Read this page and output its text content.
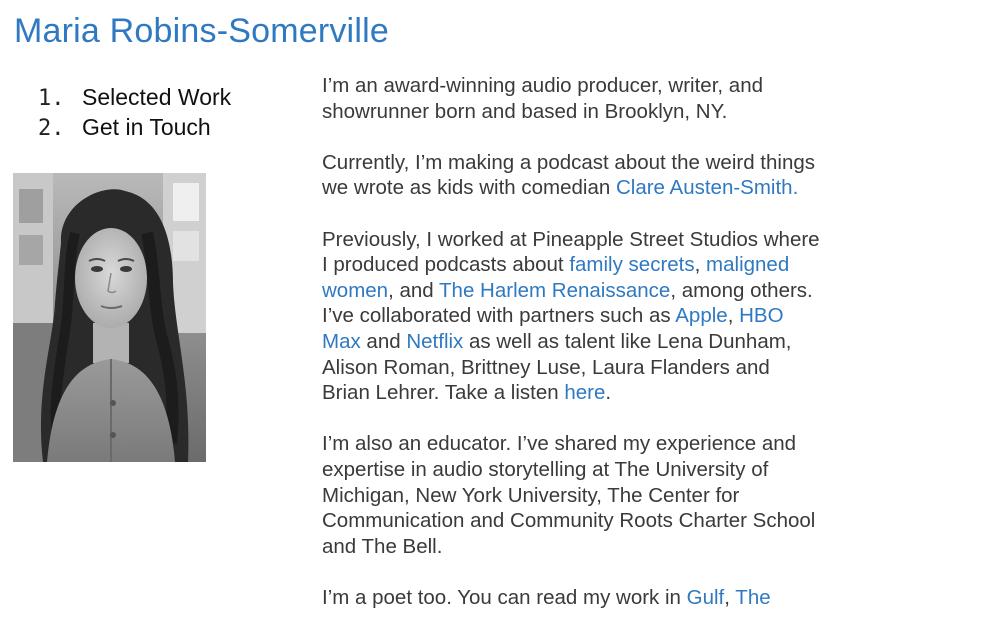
Maria Robins-Somerville
1. Selected Work
2. Get in Touch

I’m an award-winning audio producer, writer, and showrunner born and based in Brooklyn, NY.

Currently, I’m making a podcast about the weird things we wrote as kids with comedian Clare Austen-Smith.

Previously, I worked at Pineapple Street Studios where I produced podcasts about family secrets, maligned women, and The Harlem Renaissance, among others. I’ve collaborated with partners such as Apple, HBO Max and Netflix as well as talent like Lena Dunham, Alison Roman, Brittney Luse, Laura Flanders and Brian Lehrer. Take a listen here.

I’m also an educator. I’ve shared my experience and expertise in audio storytelling at The University of Michigan, New York University, The Center for Communication and Community Roots Charter School and The Bell.

I’m a poet too. You can read my work in Gulf, The
